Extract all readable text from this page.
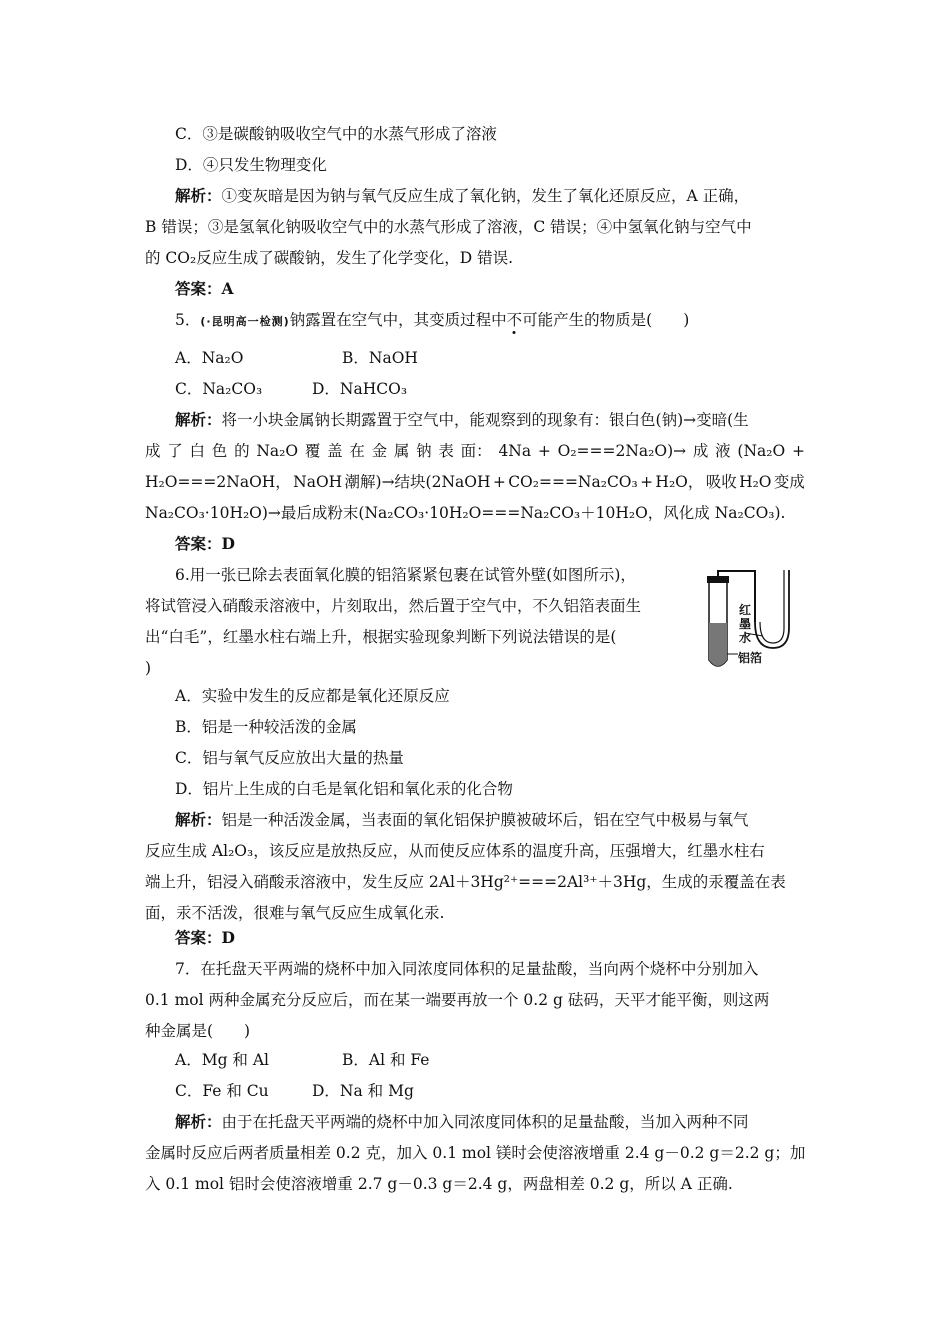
C．③是碳酸钠吸收空气中的水蒸气形成了溶液
D．④只发生物理变化
解析：①变灰暗是因为钠与氧气反应生成了氧化钠，发生了氧化还原反应，A 正确，
B 错误；③是氢氧化钠吸收空气中的水蒸气形成了溶液，C 错误；④中氢氧化钠与空气中
的 CO₂反应生成了碳酸钠，发生了化学变化，D 错误.
答案：A
5．(·昆明高一检测)钠露置在空气中，其变质过程中不可能产生的物质是(　　)
A．Na₂O	B．NaOH
C．Na₂CO₃	D．NaHCO₃
解析：将一小块金属钠长期露置于空气中，能观察到的现象有：银白色(钠)→变暗(生
成 了 白 色 的 Na₂O 覆 盖 在 金 属 钠 表 面： 4Na + O₂===2Na₂O)→ 成 液 (Na₂O +
H₂O===2NaOH， NaOH 潮解)→结块(2NaOH + CO₂===Na₂CO₃ + H₂O， 吸收 H₂O 变成
Na₂CO₃·10H₂O)→最后成粉末(Na₂CO₃·10H₂O===Na₂CO₃＋10H₂O，风化成 Na₂CO₃).
答案：D
6.用一张已除去表面氧化膜的铝箔紧紧包裹在试管外壁(如图所示)，
将试管浸入硝酸汞溶液中，片刻取出，然后置于空气中，不久铝箔表面生
出“白毛”，红墨水柱右端上升，根据实验现象判断下列说法错误的是(
)
红
墨
水
铝箔
A．实验中发生的反应都是氧化还原反应
B．铝是一种较活泼的金属
C．铝与氧气反应放出大量的热量
D．铝片上生成的白毛是氧化铝和氧化汞的化合物
解析：铝是一种活泼金属，当表面的氧化铝保护膜被破坏后，铝在空气中极易与氧气
反应生成 Al₂O₃，该反应是放热反应，从而使反应体系的温度升高，压强增大，红墨水柱右
端上升，铝浸入硝酸汞溶液中，发生反应 2Al＋3Hg²⁺===2Al³⁺＋3Hg，生成的汞覆盖在表
面，汞不活泼，很难与氧气反应生成氧化汞.
答案：D
7．在托盘天平两端的烧杯中加入同浓度同体积的足量盐酸，当向两个烧杯中分别加入
0.1 mol 两种金属充分反应后，而在某一端要再放一个 0.2 g 砝码，天平才能平衡，则这两
种金属是(　　)
A．Mg 和 Al	B．Al 和 Fe
C．Fe 和 Cu	D．Na 和 Mg
解析：由于在托盘天平两端的烧杯中加入同浓度同体积的足量盐酸，当加入两种不同
金属时反应后两者质量相差 0.2 克，加入 0.1 mol 镁时会使溶液增重 2.4 g－0.2 g＝2.2 g；加
入 0.1 mol 铝时会使溶液增重 2.7 g－0.3 g＝2.4 g，两盘相差 0.2 g，所以 A 正确.
